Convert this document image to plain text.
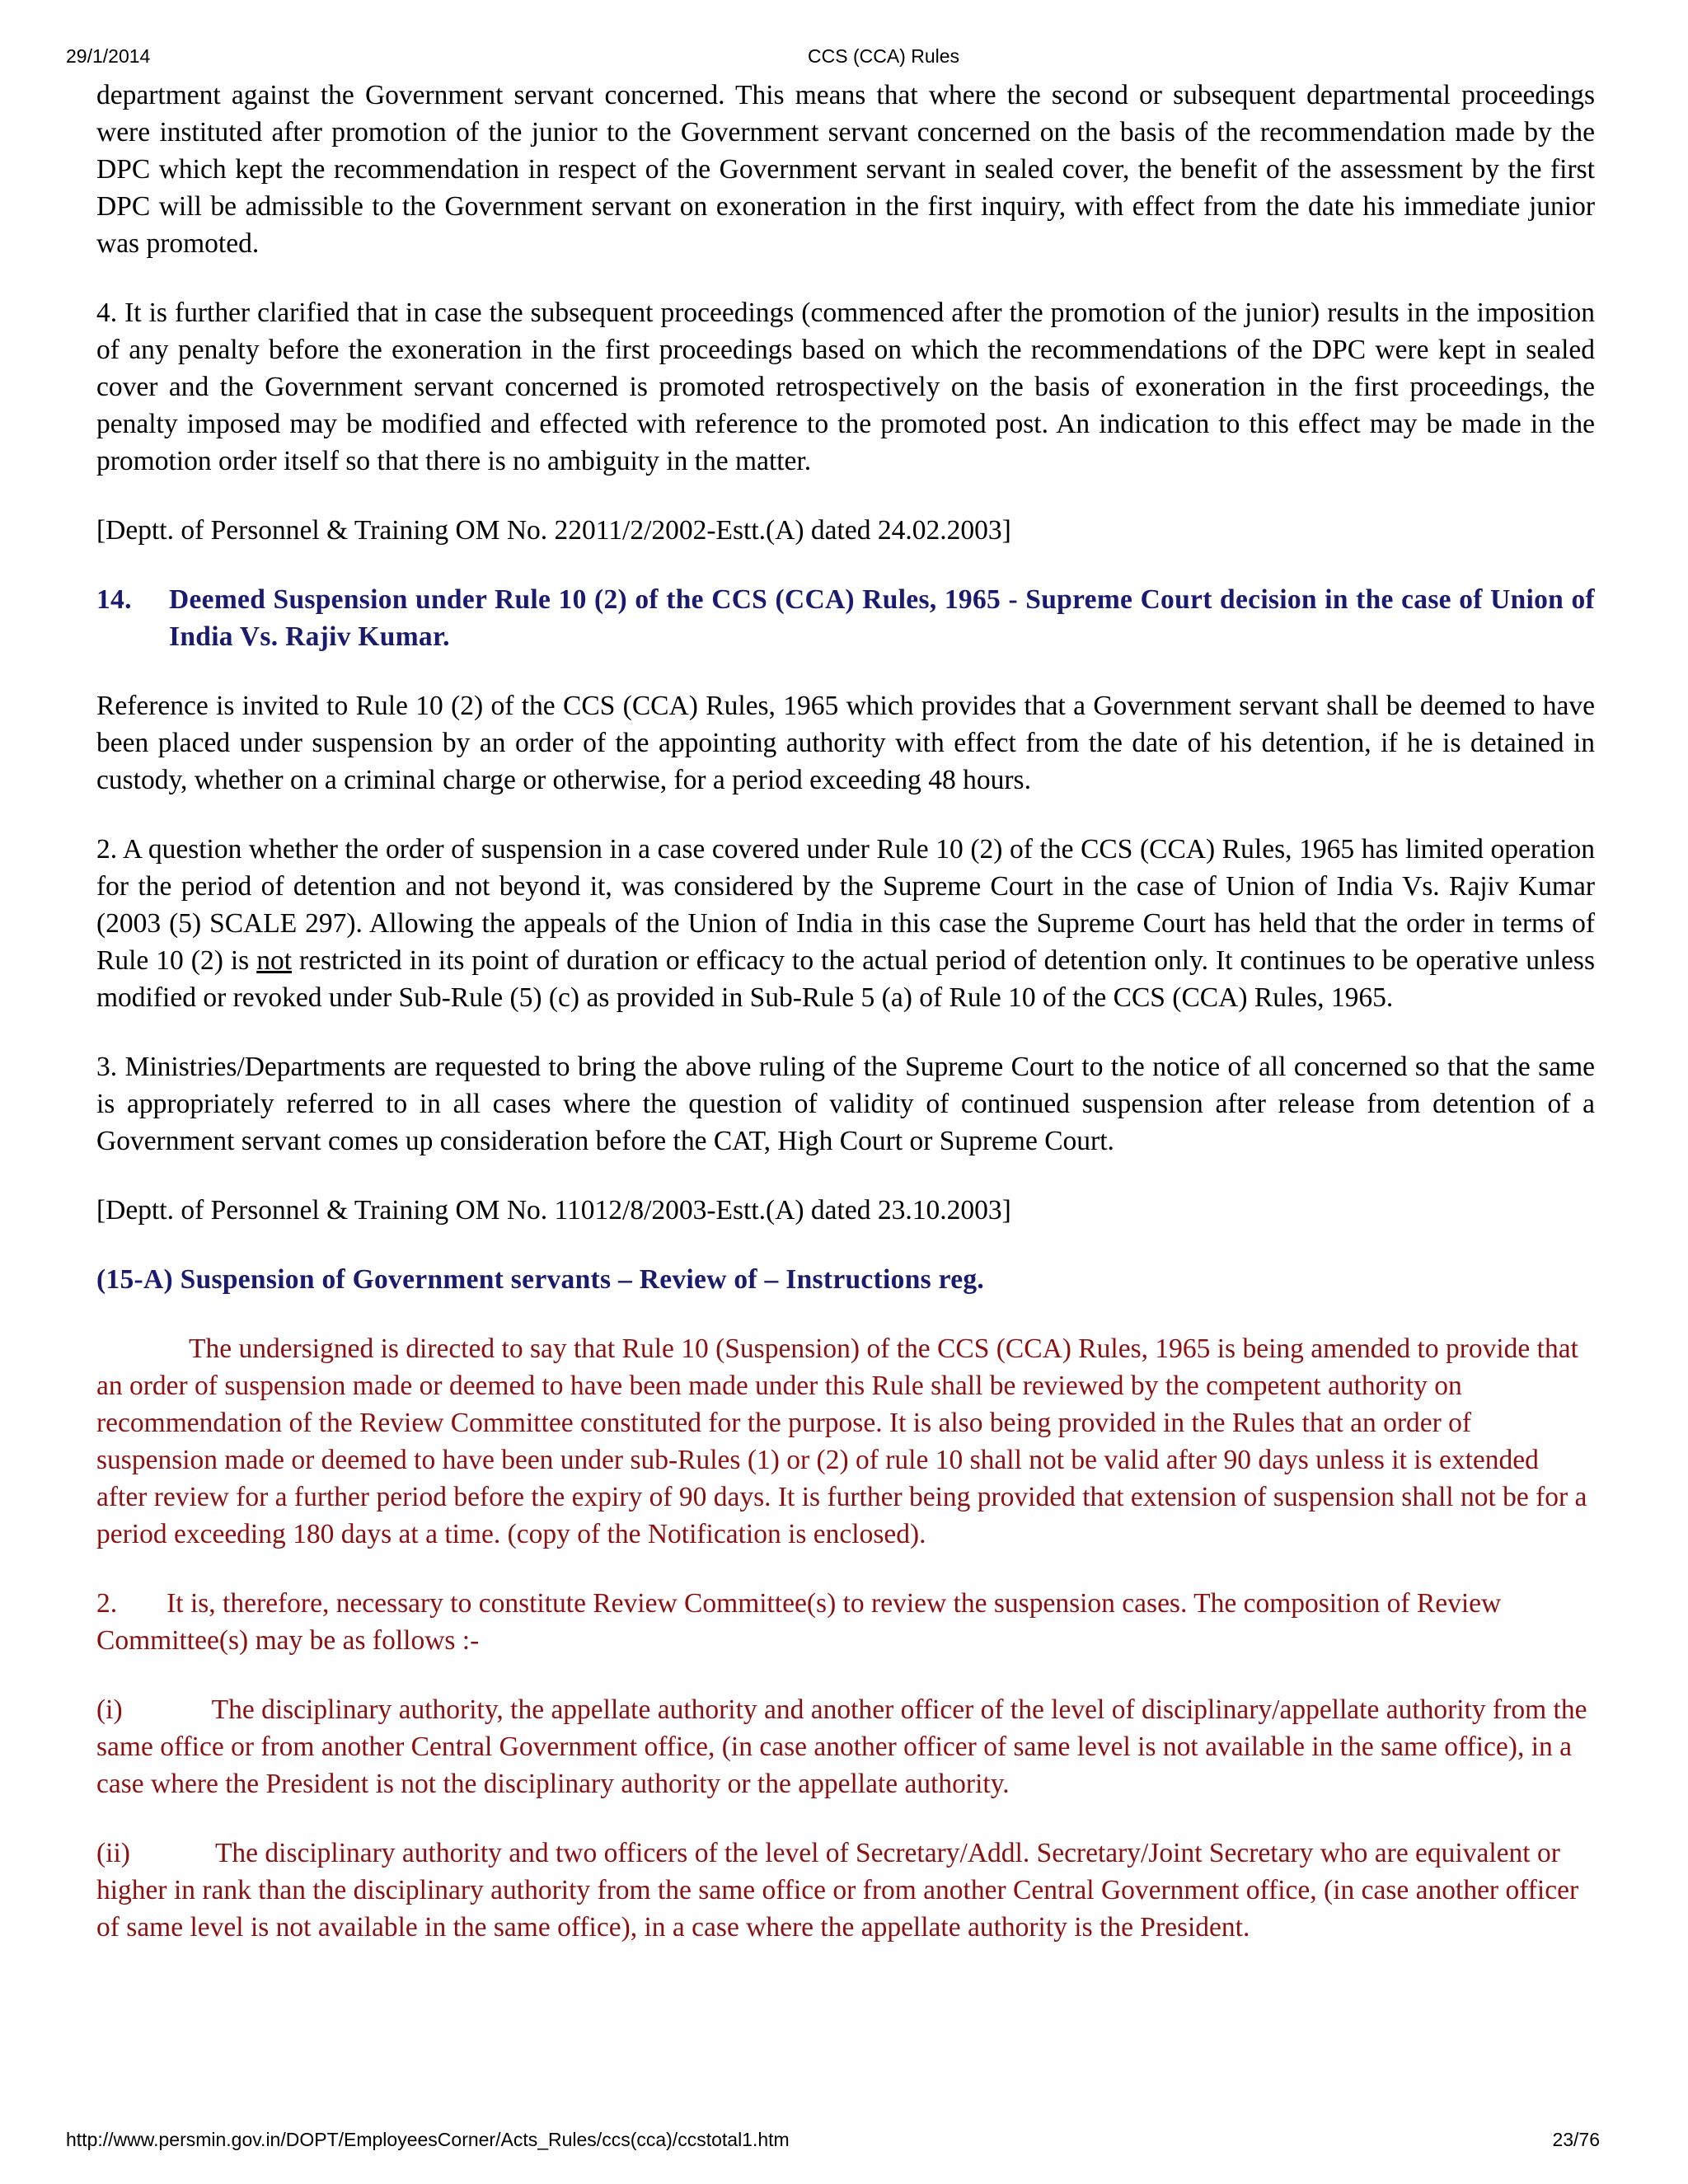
29/1/2014	CCS (CCA) Rules

department against the Government servant concerned. This means that where the second or subsequent departmental proceedings were instituted after promotion of the junior to the Government servant concerned on the basis of the recommendation made by the DPC which kept the recommendation in respect of the Government servant in sealed cover, the benefit of the assessment by the first DPC will be admissible to the Government servant on exoneration in the first inquiry, with effect from the date his immediate junior was promoted.

4. It is further clarified that in case the subsequent proceedings (commenced after the promotion of the junior) results in the imposition of any penalty before the exoneration in the first proceedings based on which the recommendations of the DPC were kept in sealed cover and the Government servant concerned is promoted retrospectively on the basis of exoneration in the first proceedings, the penalty imposed may be modified and effected with reference to the promoted post. An indication to this effect may be made in the promotion order itself so that there is no ambiguity in the matter.

[Deptt. of Personnel & Training OM No. 22011/2/2002-Estt.(A) dated 24.02.2003]

14.	Deemed Suspension under Rule 10 (2) of the CCS (CCA) Rules, 1965 - Supreme Court decision in the case of Union of India Vs. Rajiv Kumar.

Reference is invited to Rule 10 (2) of the CCS (CCA) Rules, 1965 which provides that a Government servant shall be deemed to have been placed under suspension by an order of the appointing authority with effect from the date of his detention, if he is detained in custody, whether on a criminal charge or otherwise, for a period exceeding 48 hours.

2. A question whether the order of suspension in a case covered under Rule 10 (2) of the CCS (CCA) Rules, 1965 has limited operation for the period of detention and not beyond it, was considered by the Supreme Court in the case of Union of India Vs. Rajiv Kumar (2003 (5) SCALE 297). Allowing the appeals of the Union of India in this case the Supreme Court has held that the order in terms of Rule 10 (2) is not restricted in its point of duration or efficacy to the actual period of detention only. It continues to be operative unless modified or revoked under Sub-Rule (5) (c) as provided in Sub-Rule 5 (a) of Rule 10 of the CCS (CCA) Rules, 1965.

3. Ministries/Departments are requested to bring the above ruling of the Supreme Court to the notice of all concerned so that the same is appropriately referred to in all cases where the question of validity of continued suspension after release from detention of a Government servant comes up consideration before the CAT, High Court or Supreme Court.

[Deptt. of Personnel & Training OM No. 11012/8/2003-Estt.(A) dated 23.10.2003]

(15-A) Suspension of Government servants – Review of – Instructions reg.

The undersigned is directed to say that Rule 10 (Suspension) of the CCS (CCA) Rules, 1965 is being amended to provide that an order of suspension made or deemed to have been made under this Rule shall be reviewed by the competent authority on recommendation of the Review Committee constituted for the purpose. It is also being provided in the Rules that an order of suspension made or deemed to have been under sub-Rules (1) or (2) of rule 10 shall not be valid after 90 days unless it is extended after review for a further period before the expiry of 90 days. It is further being provided that extension of suspension shall not be for a period exceeding 180 days at a time. (copy of the Notification is enclosed).

2. It is, therefore, necessary to constitute Review Committee(s) to review the suspension cases. The composition of Review Committee(s) may be as follows :-

(i)	The disciplinary authority, the appellate authority and another officer of the level of disciplinary/appellate authority from the same office or from another Central Government office, (in case another officer of same level is not available in the same office), in a case where the President is not the disciplinary authority or the appellate authority.

(ii)	The disciplinary authority and two officers of the level of Secretary/Addl. Secretary/Joint Secretary who are equivalent or higher in rank than the disciplinary authority from the same office or from another Central Government office, (in case another officer of same level is not available in the same office), in a case where the appellate authority is the President.

http://www.persmin.gov.in/DOPT/EmployeesCorner/Acts_Rules/ccs(cca)/ccstotal1.htm	23/76
